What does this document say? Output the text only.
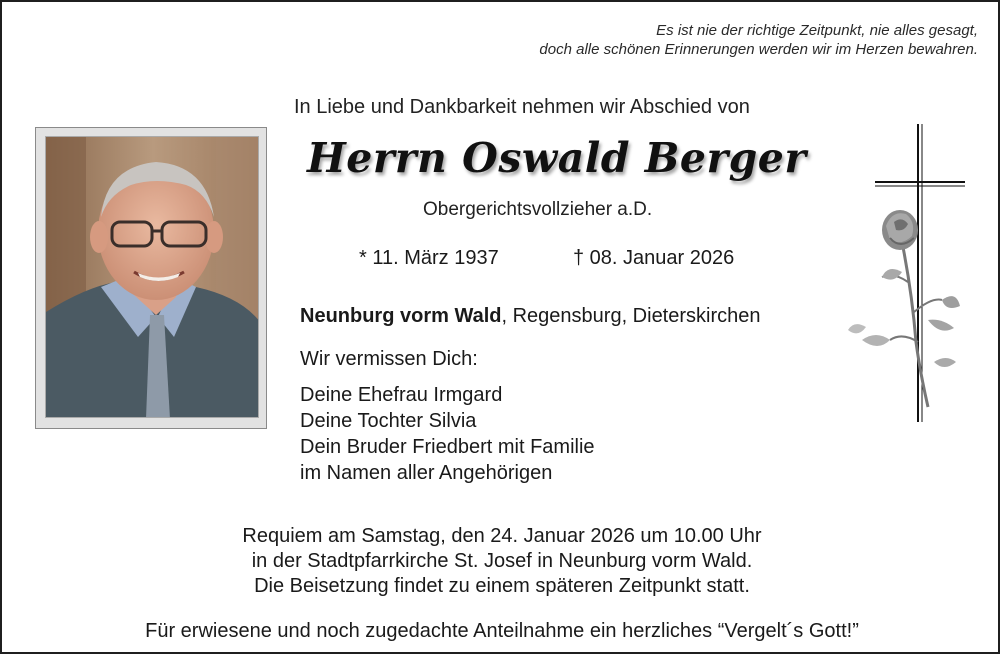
Es ist nie der richtige Zeitpunkt, nie alles gesagt,
doch alle schönen Erinnerungen werden wir im Herzen bewahren.
In Liebe und Dankbarkeit nehmen wir Abschied von
Herrn Oswald Berger
Obergerichtsvollzieher a.D.
* 11. März 1937	† 08. Januar 2026
Neunburg vorm Wald, Regensburg, Dieterskirchen
Wir vermissen Dich:
Deine Ehefrau Irmgard
Deine Tochter Silvia
Dein Bruder Friedbert mit Familie
im Namen aller Angehörigen
Requiem am Samstag, den 24. Januar 2026 um 10.00 Uhr
in der Stadtpfarrkirche St. Josef in Neunburg vorm Wald.
Die Beisetzung findet zu einem späteren Zeitpunkt statt.
Für erwiesene und noch zugedachte Anteilnahme ein herzliches “Vergelt´s Gott!”
